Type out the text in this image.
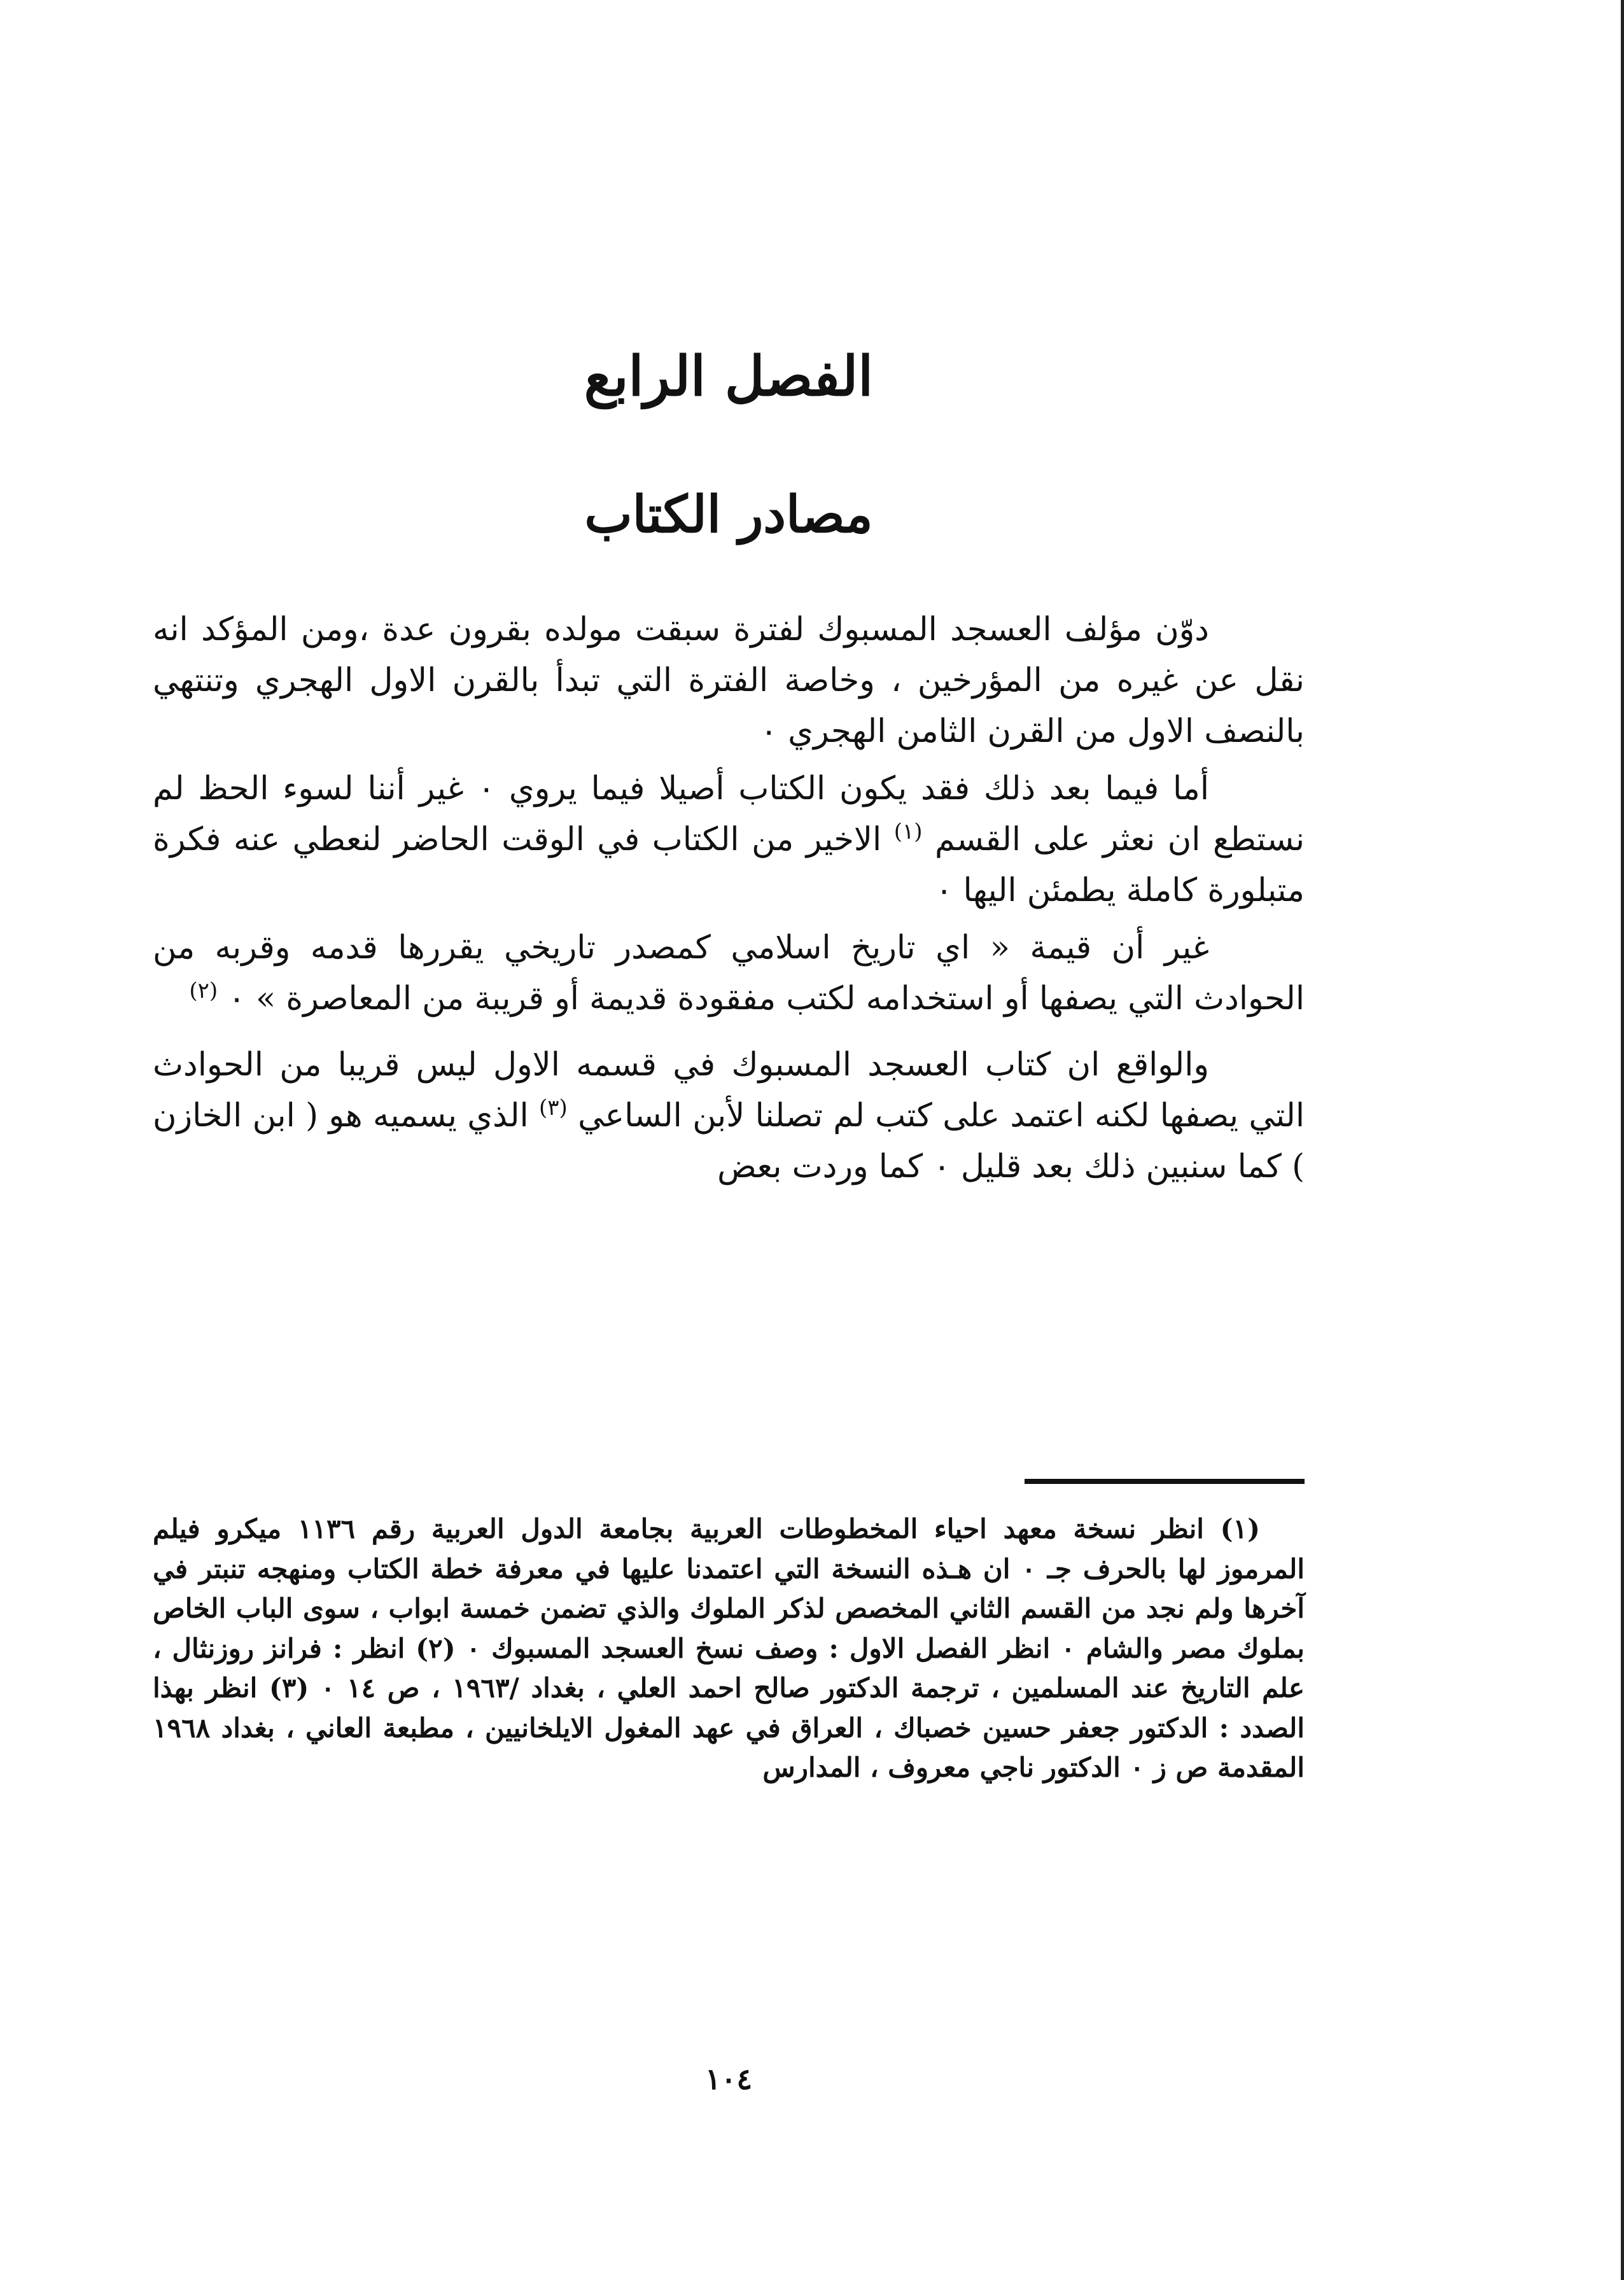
الفصل الرابع
مصادر الكتاب

دوّن مؤلف العسجد المسبوك لفترة سبقت مولده بقرون عدة ،ومن المؤكد انه نقل عن غيره من المؤرخين ، وخاصة الفترة التي تبدأ بالقرن الاول الهجري وتنتهي بالنصف الاول من القرن الثامن الهجري ٠

أما فيما بعد ذلك فقد يكون الكتاب أصيلا فيما يروي ٠ غير أننا لسوء الحظ لم نستطع ان نعثر على القسم $^{(١)}$ الاخير من الكتاب في الوقت الحاضر لنعطي عنه فكرة متبلورة كاملة يطمئن اليها ٠

غير أن قيمة « اي تاريخ اسلامي كمصدر تاريخي يقررها قدمه وقربه من الحوادث التي يصفها أو استخدامه لكتب مفقودة قديمة أو قريبة من المعاصرة » ٠ $^{(٢)}$

والواقع ان كتاب العسجد المسبوك في قسمه الاول ليس قريبا من الحوادث التي يصفها لكنه اعتمد على كتب لم تصلنا لأبن الساعي $^{(٣)}$ الذي يسميه هو ( ابن الخازن ) كما سنبين ذلك بعد قليل ٠ كما وردت بعض

(١) انظر نسخة معهد احياء المخطوطات العربية بجامعة الدول العربية رقم ١١٣٦ ميكرو فيلم المرموز لها بالحرف جـ ٠ ان هـذه النسخة التي اعتمدنا عليها في معرفة خطة الكتاب ومنهجه تنبتر في آخرها ولم نجد من القسم الثاني المخصص لذكر الملوك والذي تضمن خمسة ابواب ، سوى الباب الخاص بملوك مصر والشام ٠ انظر الفصل الاول : وصف نسخ العسجد المسبوك ٠ (٢) انظر : فرانز روزنثال ، علم التاريخ عند المسلمين ، ترجمة الدكتور صالح احمد العلي ، بغداد /١٩٦٣ ، ص ١٤ ٠ (٣) انظر بهذا الصدد : الدكتور جعفر حسين خصباك ، العراق في عهد المغول الايلخانيين ، مطبعة العاني ، بغداد ١٩٦٨ المقدمة ص ز ٠ الدكتور ناجي معروف ، المدارس

١٠٤
